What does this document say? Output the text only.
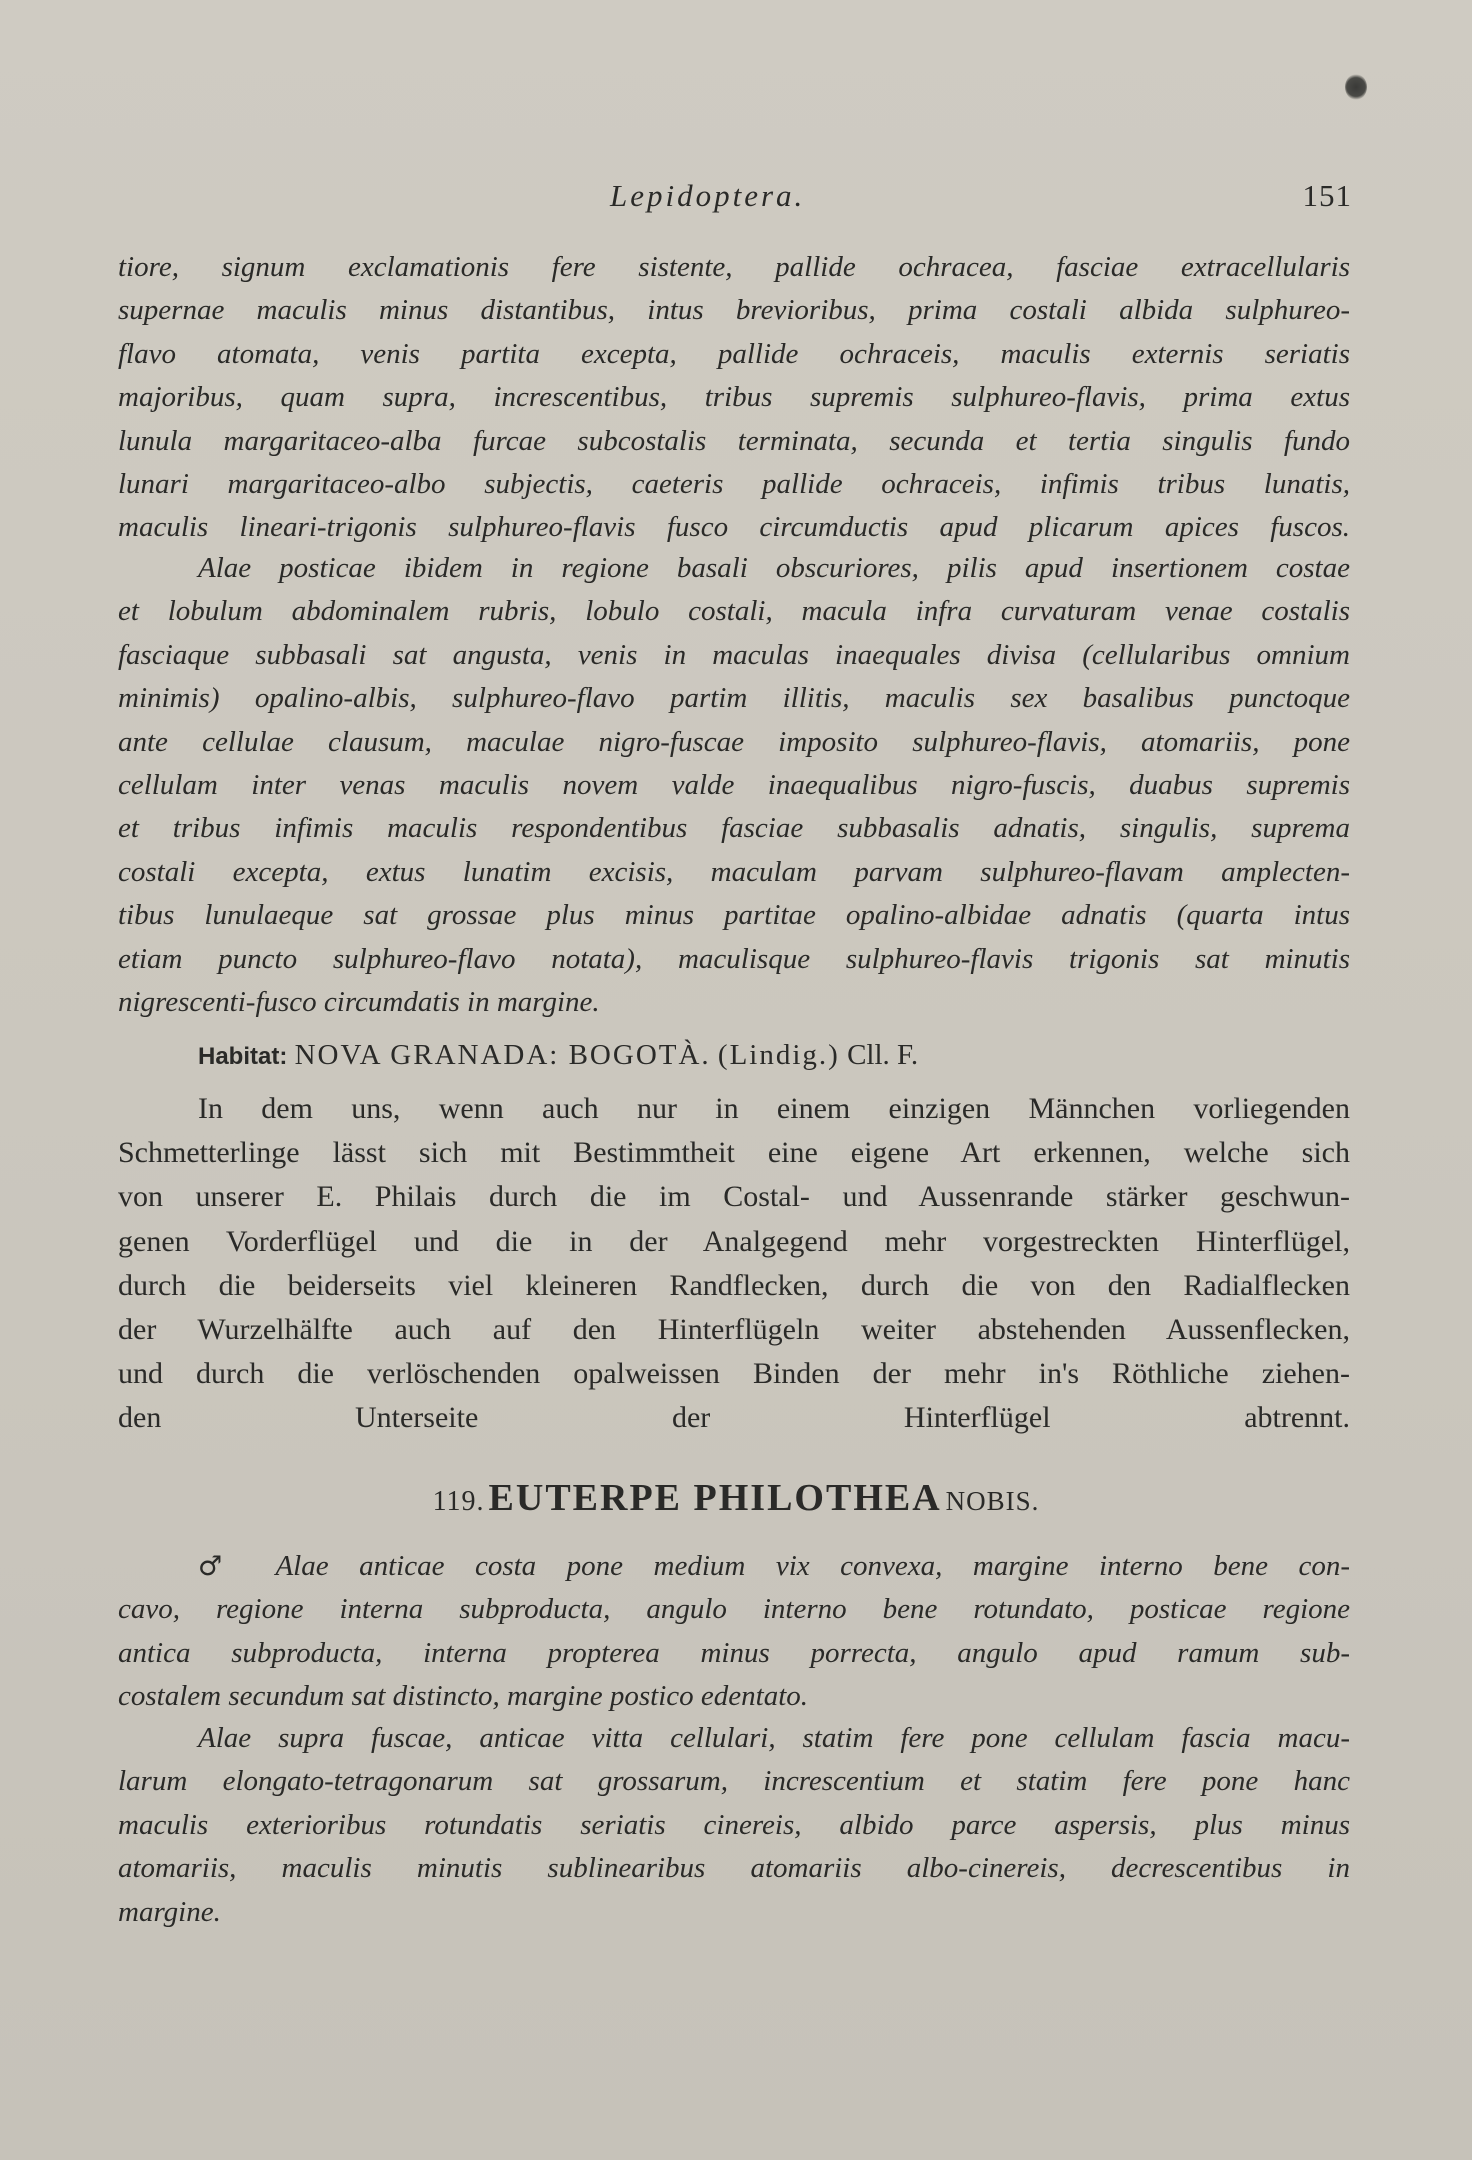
Lepidoptera.	151
tiore, signum exclamationis fere sistente, pallide ochracea, fasciae extracellularis
supernae maculis minus distantibus, intus brevioribus, prima costali albida sulphureo-
flavo atomata, venis partita excepta, pallide ochraceis, maculis externis seriatis
majoribus, quam supra, increscentibus, tribus supremis sulphureo-flavis, prima extus
lunula margaritaceo-alba furcae subcostalis terminata, secunda et tertia singulis fundo
lunari margaritaceo-albo subjectis, caeteris pallide ochraceis, infimis tribus lunatis,
maculis lineari-trigonis sulphureo-flavis fusco circumductis apud plicarum apices fuscos.
Alae posticae ibidem in regione basali obscuriores, pilis apud insertionem costae
et lobulum abdominalem rubris, lobulo costali, macula infra curvaturam venae costalis
fasciaque subbasali sat angusta, venis in maculas inaequales divisa (cellularibus omnium
minimis) opalino-albis, sulphureo-flavo partim illitis, maculis sex basalibus punctoque
ante cellulae clausum, maculae nigro-fuscae imposito sulphureo-flavis, atomariis, pone
cellulam inter venas maculis novem valde inaequalibus nigro-fuscis, duabus supremis
et tribus infimis maculis respondentibus fasciae subbasalis adnatis, singulis, suprema
costali excepta, extus lunatim excisis, maculam parvam sulphureo-flavam amplecten-
tibus lunulaeque sat grossae plus minus partitae opalino-albidae adnatis (quarta intus
etiam puncto sulphureo-flavo notata), maculisque sulphureo-flavis trigonis sat minutis
nigrescenti-fusco circumdatis in margine.
Habitat: NOVA GRANADA: BOGOTÀ. (Lindig.) Cll. F.
In dem uns, wenn auch nur in einem einzigen Männchen vorliegenden
Schmetterlinge lässt sich mit Bestimmtheit eine eigene Art erkennen, welche sich
von unserer E. Philais durch die im Costal- und Aussenrande stärker geschwun-
genen Vorderflügel und die in der Analgegend mehr vorgestreckten Hinterflügel,
durch die beiderseits viel kleineren Randflecken, durch die von den Radialflecken
der Wurzelhälfte auch auf den Hinterflügeln weiter abstehenden Aussenflecken,
und durch die verlöschenden opalweissen Binden der mehr in's Röthliche ziehen-
den Unterseite der Hinterflügel abtrennt.
119. EUTERPE PHILOTHEA NOBIS.
♂ Alae anticae costa pone medium vix convexa, margine interno bene con-
cavo, regione interna subproducta, angulo interno bene rotundato, posticae regione
antica subproducta, interna propterea minus porrecta, angulo apud ramum sub-
costalem secundum sat distincto, margine postico edentato.
Alae supra fuscae, anticae vitta cellulari, statim fere pone cellulam fascia macu-
larum elongato-tetragonarum sat grossarum, increscentium et statim fere pone hanc
maculis exterioribus rotundatis seriatis cinereis, albido parce aspersis, plus minus
atomariis, maculis minutis sublinearibus atomariis albo-cinereis, decrescentibus in
margine.
